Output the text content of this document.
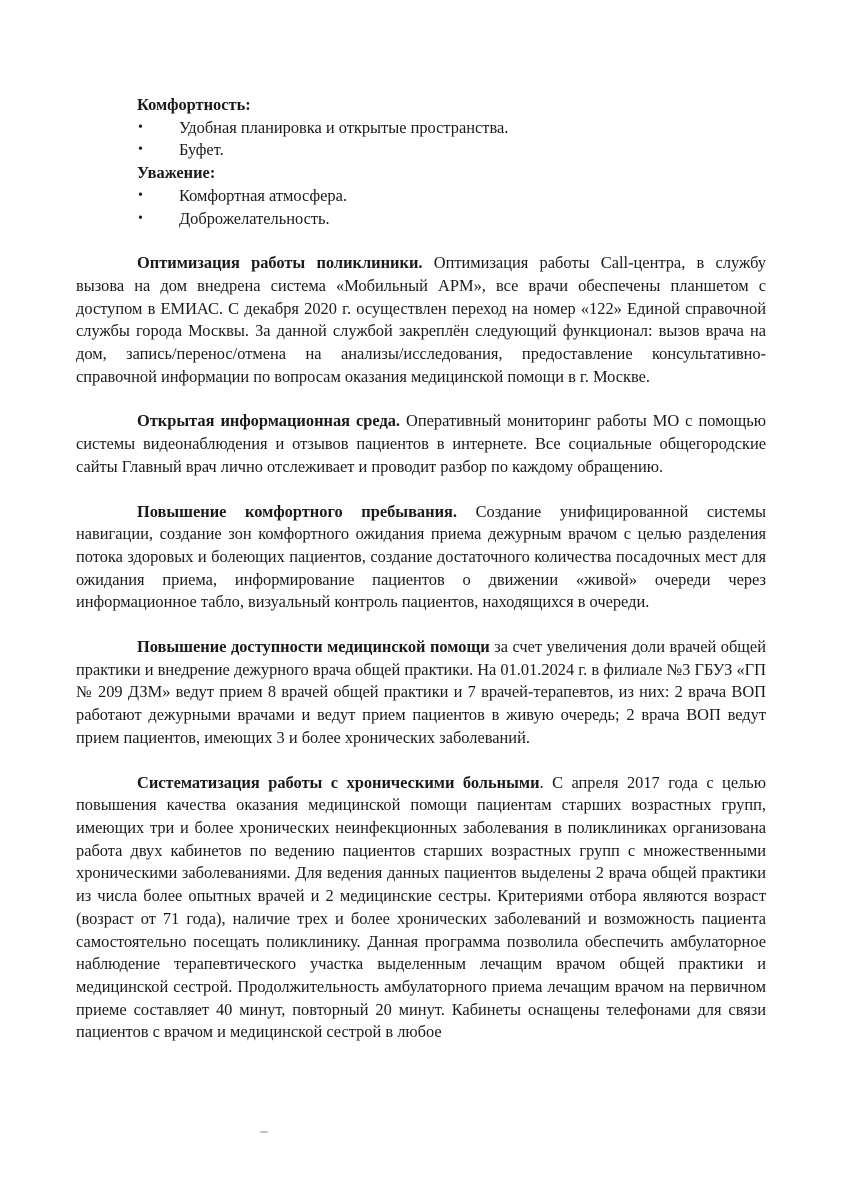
Комфортность:
• Удобная планировка и открытые пространства.
• Буфет.
Уважение:
• Комфортная атмосфера.
• Доброжелательность.

Оптимизация работы поликлиники. Оптимизация работы Call-центра, в службу вызова на дом внедрена система «Мобильный АРМ», все врачи обеспечены планшетом с доступом в ЕМИАС. С декабря 2020 г. осуществлен переход на номер «122» Единой справочной службы города Москвы. За данной службой закреплён следующий функционал: вызов врача на дом, запись/перенос/отмена на анализы/исследования, предоставление консультативно-справочной информации по вопросам оказания медицинской помощи в г. Москве.

Открытая информационная среда. Оперативный мониторинг работы МО с помощью системы видеонаблюдения и отзывов пациентов в интернете. Все социальные общегородские сайты Главный врач лично отслеживает и проводит разбор по каждому обращению.

Повышение комфортного пребывания. Создание унифицированной системы навигации, создание зон комфортного ожидания приема дежурным врачом с целью разделения потока здоровых и болеющих пациентов, создание достаточного количества посадочных мест для ожидания приема, информирование пациентов о движении «живой» очереди через информационное табло, визуальный контроль пациентов, находящихся в очереди.

Повышение доступности медицинской помощи за счет увеличения доли врачей общей практики и внедрение дежурного врача общей практики. На 01.01.2024 г. в филиале №3 ГБУЗ «ГП № 209 ДЗМ» ведут прием 8 врачей общей практики и 7 врачей-терапевтов, из них: 2 врача ВОП работают дежурными врачами и ведут прием пациентов в живую очередь; 2 врача ВОП ведут прием пациентов, имеющих 3 и более хронических заболеваний.

Систематизация работы с хроническими больными. С апреля 2017 года с целью повышения качества оказания медицинской помощи пациентам старших возрастных групп, имеющих три и более хронических неинфекционных заболевания в поликлиниках организована работа двух кабинетов по ведению пациентов старших возрастных групп с множественными хроническими заболеваниями. Для ведения данных пациентов выделены 2 врача общей практики из числа более опытных врачей и 2 медицинские сестры. Критериями отбора являются возраст (возраст от 71 года), наличие трех и более хронических заболеваний и возможность пациента самостоятельно посещать поликлинику. Данная программа позволила обеспечить амбулаторное наблюдение терапевтического участка выделенным лечащим врачом общей практики и медицинской сестрой. Продолжительность амбулаторного приема лечащим врачом на первичном приеме составляет 40 минут, повторный 20 минут. Кабинеты оснащены телефонами для связи пациентов с врачом и медицинской сестрой в любое
